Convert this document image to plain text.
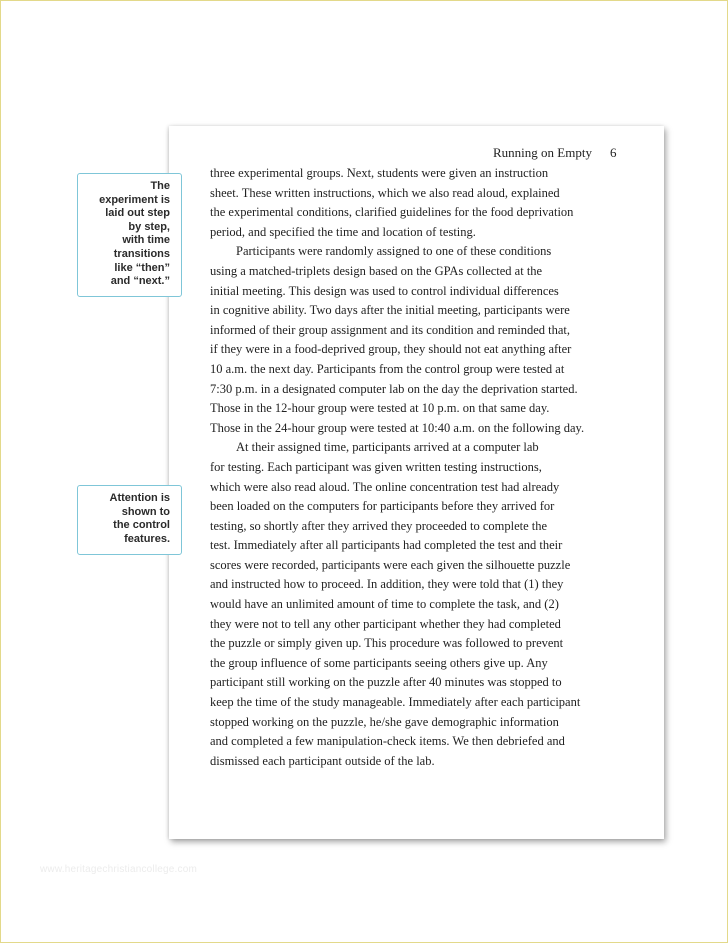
Running on Empty 6
three experimental groups. Next, students were given an instruction
sheet. These written instructions, which we also read aloud, explained
the experimental conditions, clarified guidelines for the food deprivation
period, and specified the time and location of testing.
Participants were randomly assigned to one of these conditions
using a matched-triplets design based on the GPAs collected at the
initial meeting. This design was used to control individual differences
in cognitive ability. Two days after the initial meeting, participants were
informed of their group assignment and its condition and reminded that,
if they were in a food-deprived group, they should not eat anything after
10 a.m. the next day. Participants from the control group were tested at
7:30 p.m. in a designated computer lab on the day the deprivation started.
Those in the 12-hour group were tested at 10 p.m. on that same day.
Those in the 24-hour group were tested at 10:40 a.m. on the following day.
At their assigned time, participants arrived at a computer lab
for testing. Each participant was given written testing instructions,
which were also read aloud. The online concentration test had already
been loaded on the computers for participants before they arrived for
testing, so shortly after they arrived they proceeded to complete the
test. Immediately after all participants had completed the test and their
scores were recorded, participants were each given the silhouette puzzle
and instructed how to proceed. In addition, they were told that (1) they
would have an unlimited amount of time to complete the task, and (2)
they were not to tell any other participant whether they had completed
the puzzle or simply given up. This procedure was followed to prevent
the group influence of some participants seeing others give up. Any
participant still working on the puzzle after 40 minutes was stopped to
keep the time of the study manageable. Immediately after each participant
stopped working on the puzzle, he/she gave demographic information
and completed a few manipulation-check items. We then debriefed and
dismissed each participant outside of the lab.
The
experiment is
laid out step
by step,
with time
transitions
like “then”
and “next.”
Attention is
shown to
the control
features.
www.heritagechristiancollege.com
